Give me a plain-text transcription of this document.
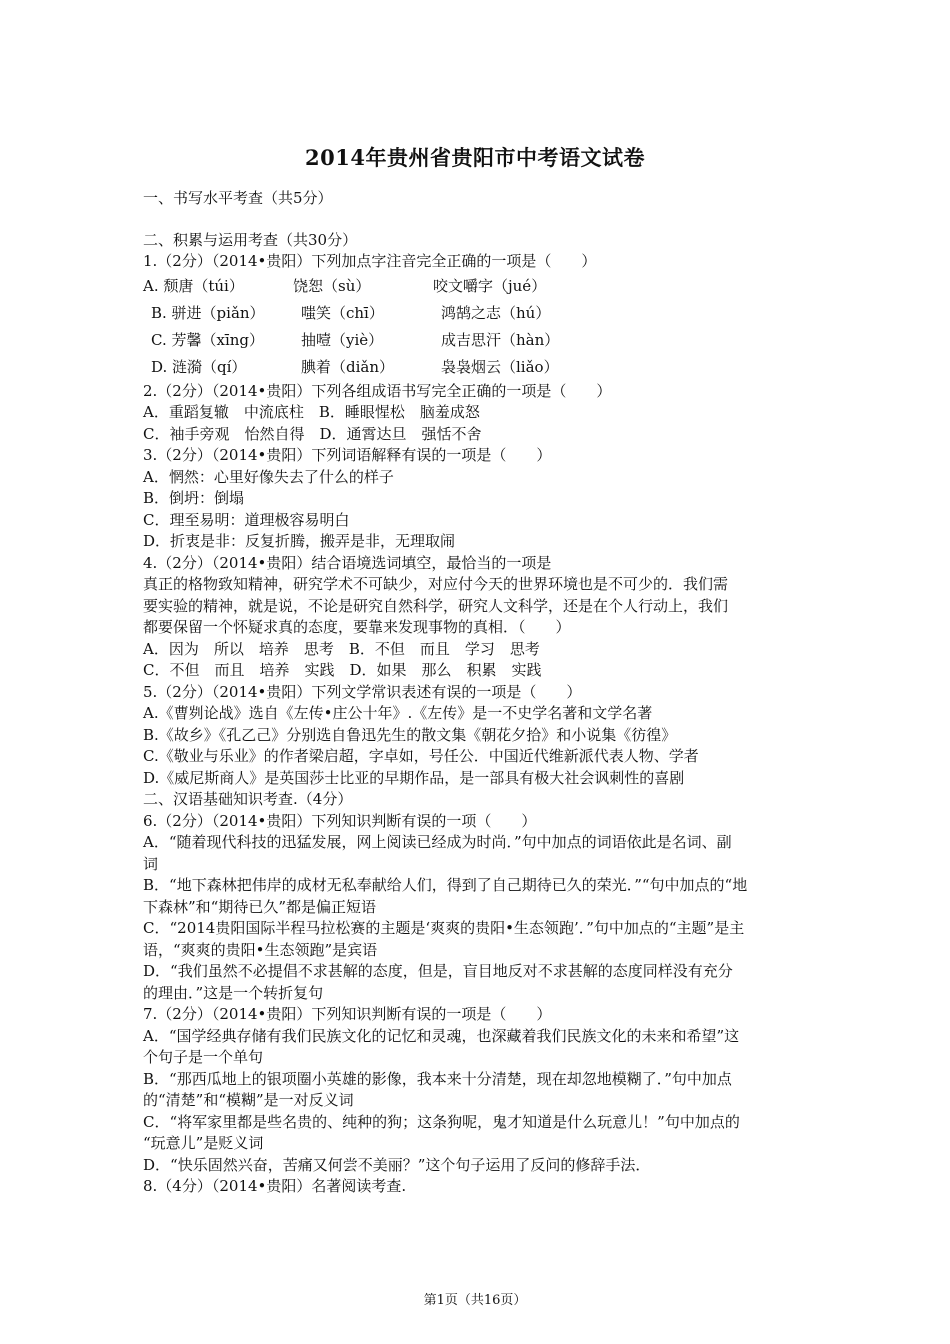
2014年贵州省贵阳市中考语文试卷
一、书写水平考查（共5分）
二、积累与运用考查（共30分）
1.（2分）（2014•贵阳）下列加点字注音完全正确的一项是（　　）
A. 颓唐（túi）	饶恕（sù）	咬文嚼字（jué）
B. 骈进（piǎn）	嗤笑（chī）	鸿鹄之志（hú）
C. 芳馨（xīng）	抽噎（yiè）	成吉思汗（hàn）
D. 涟漪（qí）	腆着（diǎn）	袅袅烟云（liǎo）
2.（2分）（2014•贵阳）下列各组成语书写完全正确的一项是（　　）
A．重蹈复辙　中流底柱　B．睡眼惺松　脑羞成怒
C．袖手旁观　怡然自得　D．通霄达旦　强恬不舍
3.（2分）（2014•贵阳）下列词语解释有误的一项是（　　）
A．惘然：心里好像失去了什么的样子
B．倒坍：倒塌
C．理至易明：道理极容易明白
D．折衷是非：反复折腾，搬弄是非，无理取闹
4.（2分）（2014•贵阳）结合语境选词填空，最恰当的一项是
真正的格物致知精神，研究学术不可缺少，对应付今天的世界环境也是不可少的．我们需
要实验的精神，就是说，不论是研究自然科学，研究人文科学，还是在个人行动上，我们
都要保留一个怀疑求真的态度，要靠来发现事物的真相．（　　）
A．因为　所以　培养　思考　B．不但　而且　学习　思考
C．不但　而且　培养　实践　D．如果　那么　积累　实践
5.（2分）（2014•贵阳）下列文学常识表述有误的一项是（　　）
A.《曹刿论战》选自《左传•庄公十年》.《左传》是一不史学名著和文学名著
B.《故乡》《孔乙己》分别选自鲁迅先生的散文集《朝花夕拾》和小说集《彷徨》
C.《敬业与乐业》的作者梁启超，字卓如，号任公．中国近代维新派代表人物、学者
D.《威尼斯商人》是英国莎士比亚的早期作品，是一部具有极大社会讽刺性的喜剧
二、汉语基础知识考查.（4分）
6.（2分）（2014•贵阳）下列知识判断有误的一项（　　）
A．“随着现代科技的迅猛发展，网上阅读已经成为时尚．”句中加点的词语依此是名词、副
词
B．“地下森林把伟岸的成材无私奉献给人们，得到了自己期待已久的荣光．”“句中加点的“地
下森林”和“期待已久”都是偏正短语
C．“2014贵阳国际半程马拉松赛的主题是‘爽爽的贵阳•生态领跑’．”句中加点的“主题”是主
语，“爽爽的贵阳•生态领跑”是宾语
D．“我们虽然不必提倡不求甚解的态度，但是，盲目地反对不求甚解的态度同样没有充分
的理由．”这是一个转折复句
7.（2分）（2014•贵阳）下列知识判断有误的一项是（　　）
A．“国学经典存储有我们民族文化的记忆和灵魂，也深藏着我们民族文化的未来和希望”这
个句子是一个单句
B．“那西瓜地上的银项圈小英雄的影像，我本来十分清楚，现在却忽地模糊了．”句中加点
的“清楚”和“模糊”是一对反义词
C．“将军家里都是些名贵的、纯种的狗；这条狗呢，鬼才知道是什么玩意儿！”句中加点的
“玩意儿”是贬义词
D．“快乐固然兴奋，苦痛又何尝不美丽？”这个句子运用了反问的修辞手法．
8.（4分）（2014•贵阳）名著阅读考查.
第1页（共16页）
